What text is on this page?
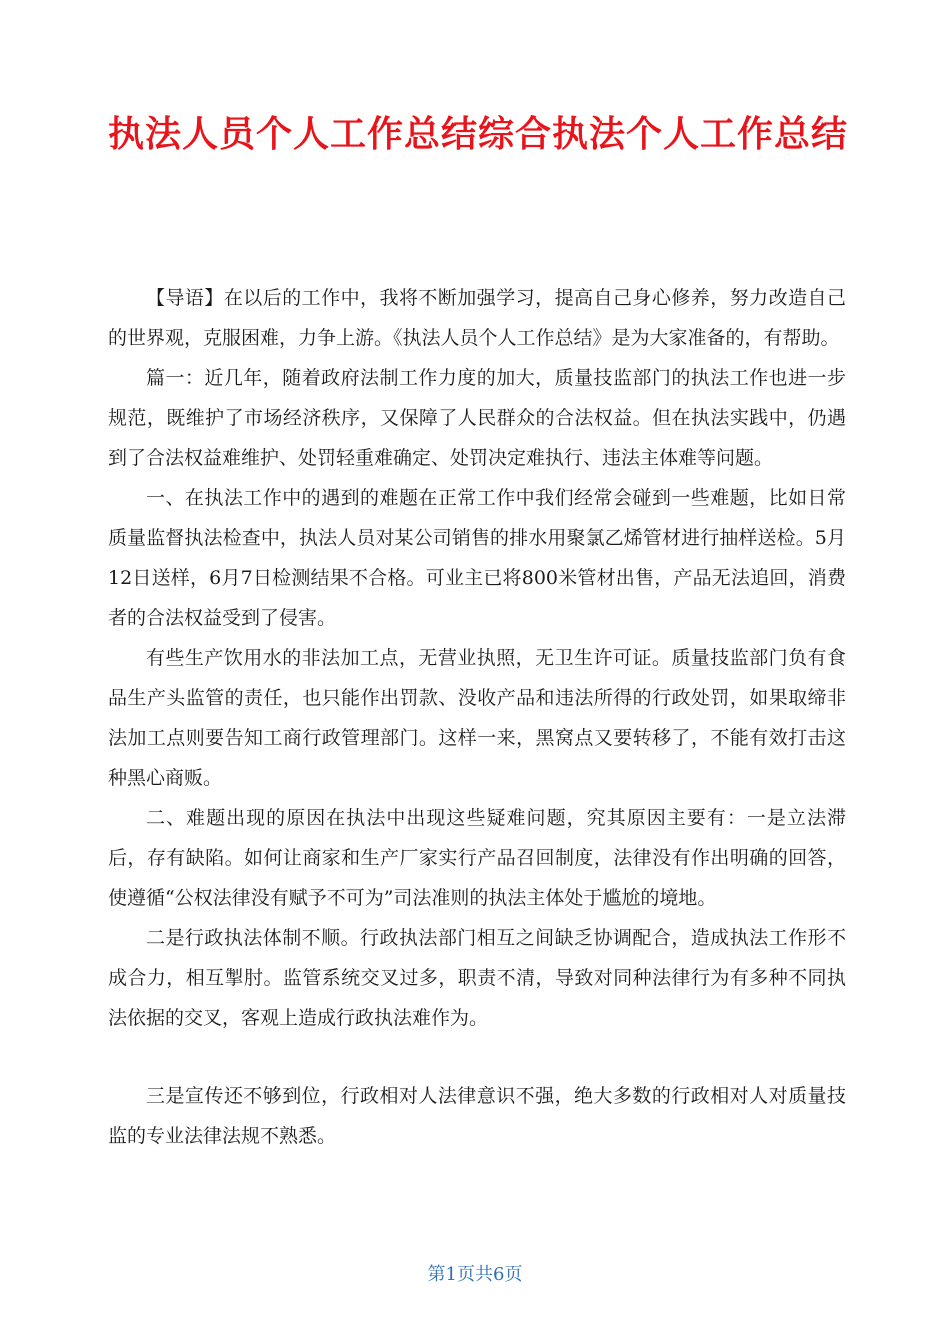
执法人员个人工作总结综合执法个人工作总结

【导语】在以后的工作中，我将不断加强学习，提高自己身心修养，努力改造自己的世界观，克服困难，力争上游。《执法人员个人工作总结》是为大家准备的，有帮助。

篇一：近几年，随着政府法制工作力度的加大，质量技监部门的执法工作也进一步规范，既维护了市场经济秩序，又保障了人民群众的合法权益。但在执法实践中，仍遇到了合法权益难维护、处罚轻重难确定、处罚决定难执行、违法主体难等问题。

一、在执法工作中的遇到的难题在正常工作中我们经常会碰到一些难题，比如日常质量监督执法检查中，执法人员对某公司销售的排水用聚氯乙烯管材进行抽样送检。5月12日送样，6月7日检测结果不合格。可业主已将800米管材出售，产品无法追回，消费者的合法权益受到了侵害。

有些生产饮用水的非法加工点，无营业执照，无卫生许可证。质量技监部门负有食品生产头监管的责任，也只能作出罚款、没收产品和违法所得的行政处罚，如果取缔非法加工点则要告知工商行政管理部门。这样一来，黑窝点又要转移了，不能有效打击这种黑心商贩。

二、难题出现的原因在执法中出现这些疑难问题，究其原因主要有：一是立法滞后，存有缺陷。如何让商家和生产厂家实行产品召回制度，法律没有作出明确的回答，使遵循“公权法律没有赋予不可为”司法准则的执法主体处于尴尬的境地。

二是行政执法体制不顺。行政执法部门相互之间缺乏协调配合，造成执法工作形不成合力，相互掣肘。监管系统交叉过多，职责不清，导致对同种法律行为有多种不同执法依据的交叉，客观上造成行政执法难作为。

三是宣传还不够到位，行政相对人法律意识不强，绝大多数的行政相对人对质量技监的专业法律法规不熟悉。

第1页共6页
